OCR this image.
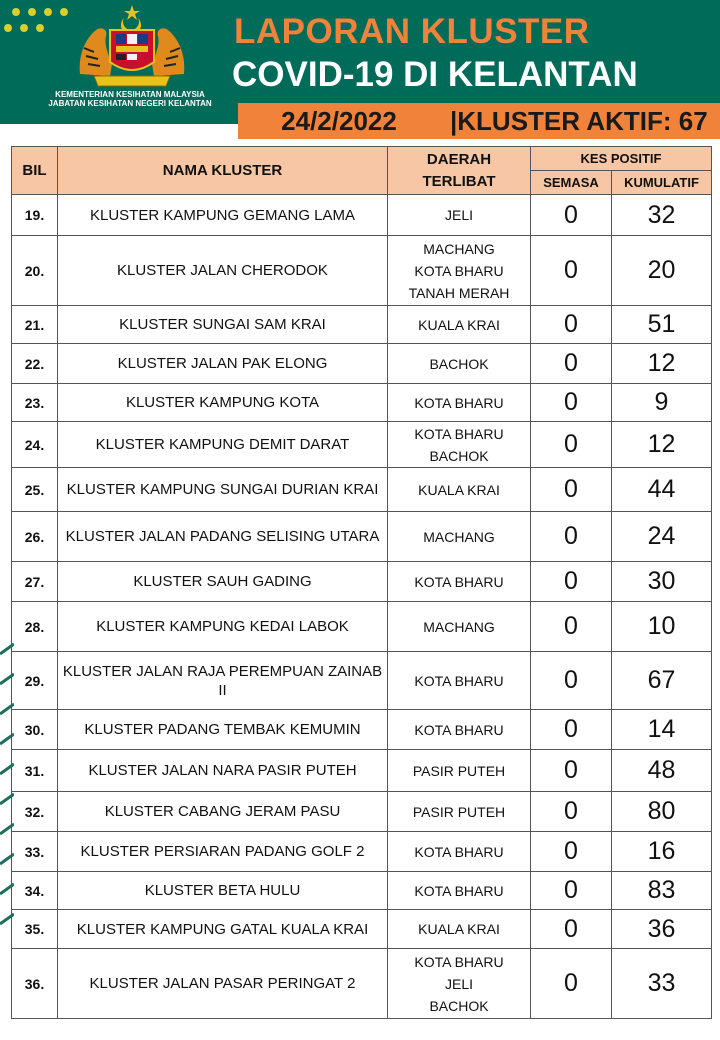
KEMENTERIAN KESIHATAN MALAYSIA
JABATAN KESIHATAN NEGERI KELANTAN
LAPORAN KLUSTER
COVID-19 DI KELANTAN
24/2/2022	|KLUSTER AKTIF: 67
BIL	NAMA KLUSTER	DAERAH
TERLIBAT	KES POSITIF	
			SEMASA	KUMULATIF
19.	KLUSTER KAMPUNG GEMANG LAMA	JELI	0	32
20.	KLUSTER JALAN CHERODOK	MACHANG
KOTA BHARU
TANAH MERAH	0	20
21.	KLUSTER SUNGAI SAM KRAI	KUALA KRAI	0	51
22.	KLUSTER JALAN PAK ELONG	BACHOK	0	12
23.	KLUSTER KAMPUNG KOTA	KOTA BHARU	0	9
24.	KLUSTER KAMPUNG DEMIT DARAT	KOTA BHARU
BACHOK	0	12
25.	KLUSTER KAMPUNG SUNGAI DURIAN KRAI	KUALA KRAI	0	44
26.	KLUSTER JALAN PADANG SELISING UTARA	MACHANG	0	24
27.	KLUSTER SAUH GADING	KOTA BHARU	0	30
28.	KLUSTER KAMPUNG KEDAI LABOK	MACHANG	0	10
29.	KLUSTER JALAN RAJA PEREMPUAN ZAINAB II	KOTA BHARU	0	67
30.	KLUSTER PADANG TEMBAK KEMUMIN	KOTA BHARU	0	14
31.	KLUSTER JALAN NARA PASIR PUTEH	PASIR PUTEH	0	48
32.	KLUSTER CABANG JERAM PASU	PASIR PUTEH	0	80
33.	KLUSTER PERSIARAN PADANG GOLF 2	KOTA BHARU	0	16
34.	KLUSTER BETA HULU	KOTA BHARU	0	83
35.	KLUSTER KAMPUNG GATAL KUALA KRAI	KUALA KRAI	0	36
36.	KLUSTER JALAN PASAR PERINGAT 2	KOTA BHARU
JELI
BACHOK	0	33
